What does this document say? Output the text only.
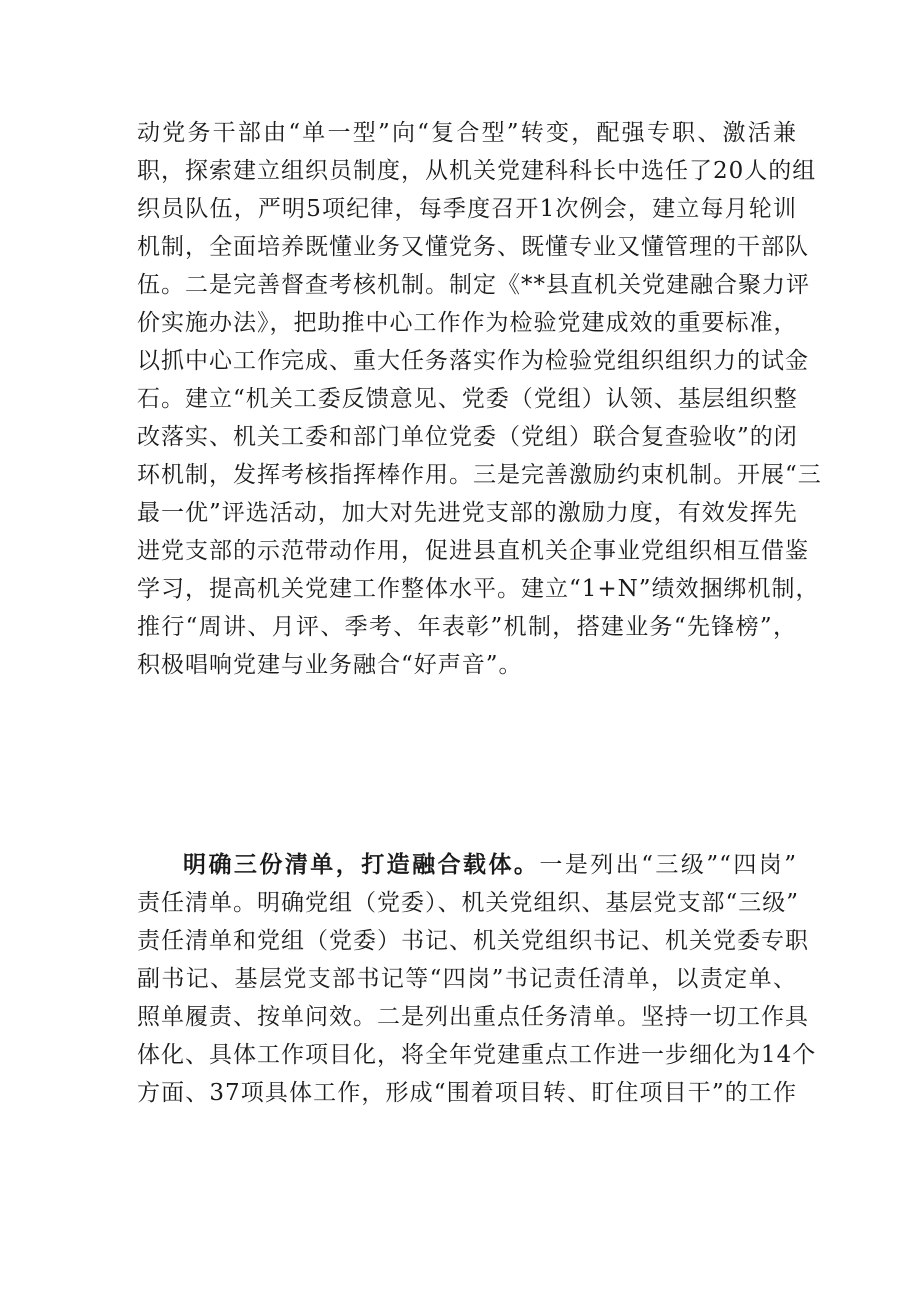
动党务干部由“单一型”向“复合型”转变，配强专职、激活兼
职，探索建立组织员制度，从机关党建科科长中选任了20人的组
织员队伍，严明5项纪律，每季度召开1次例会，建立每月轮训
机制，全面培养既懂业务又懂党务、既懂专业又懂管理的干部队
伍。二是完善督查考核机制。制定《**县直机关党建融合聚力评
价实施办法》，把助推中心工作作为检验党建成效的重要标准，
以抓中心工作完成、重大任务落实作为检验党组织组织力的试金
石。建立“机关工委反馈意见、党委（党组）认领、基层组织整
改落实、机关工委和部门单位党委（党组）联合复查验收”的闭
环机制，发挥考核指挥棒作用。三是完善激励约束机制。开展“三
最一优”评选活动，加大对先进党支部的激励力度，有效发挥先
进党支部的示范带动作用，促进县直机关企事业党组织相互借鉴
学习，提高机关党建工作整体水平。建立“1+N”绩效捆绑机制，
推行“周讲、月评、季考、年表彰”机制，搭建业务“先锋榜”，
积极唱响党建与业务融合“好声音”。
明确三份清单，打造融合载体。一是列出“三级”“四岗”
责任清单。明确党组（党委）、机关党组织、基层党支部“三级”
责任清单和党组（党委）书记、机关党组织书记、机关党委专职
副书记、基层党支部书记等“四岗”书记责任清单，以责定单、
照单履责、按单问效。二是列出重点任务清单。坚持一切工作具
体化、具体工作项目化，将全年党建重点工作进一步细化为14个
方面、37项具体工作，形成“围着项目转、盯住项目干”的工作
